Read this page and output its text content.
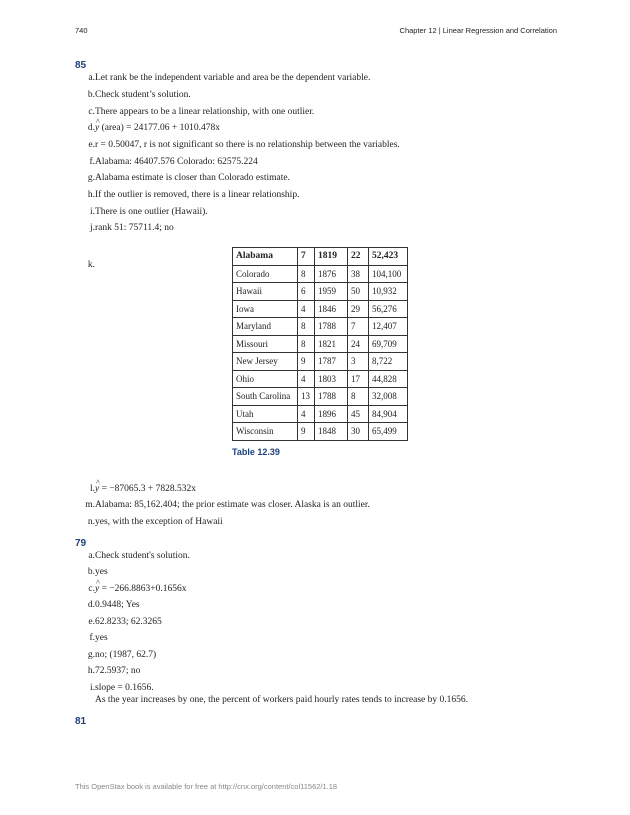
740	Chapter 12 | Linear Regression and Correlation
85
a. Let rank be the independent variable and area be the dependent variable.
b. Check student’s solution.
c. There appears to be a linear relationship, with one outlier.
d. ^ y (area) = 24177.06 + 1010.478x
e. r = 0.50047, r is not significant so there is no relationship between the variables.
f. Alabama: 46407.576 Colorado: 62575.224
g. Alabama estimate is closer than Colorado estimate.
h. If the outlier is removed, there is a linear relationship.
i. There is one outlier (Hawaii).
j. rank 51: 75711.4; no
k.
Alabama	7	1819	22	52,423
Colorado	8	1876	38	104,100
Hawaii	6	1959	50	10,932
Iowa	4	1846	29	56,276
Maryland	8	1788	7	12,407
Missouri	8	1821	24	69,709
New Jersey	9	1787	3	8,722
Ohio	4	1803	17	44,828
South Carolina	13	1788	8	32,008
Utah	4	1896	45	84,904
Wisconsin	9	1848	30	65,499
Table 12.39
l. ^ y = −87065.3 + 7828.532x
m. Alabama: 85,162.404; the prior estimate was closer. Alaska is an outlier.
n. yes, with the exception of Hawaii
79
a. Check student's solution.
b. yes
c. ^ y = −266.8863+0.1656x
d. 0.9448; Yes
e. 62.8233; 62.3265
f. yes
g. no; (1987, 62.7)
h. 72.5937; no
i. slope = 0.1656.
As the year increases by one, the percent of workers paid hourly rates tends to increase by 0.1656.
81
This OpenStax book is available for free at http://cnx.org/content/col11562/1.18
